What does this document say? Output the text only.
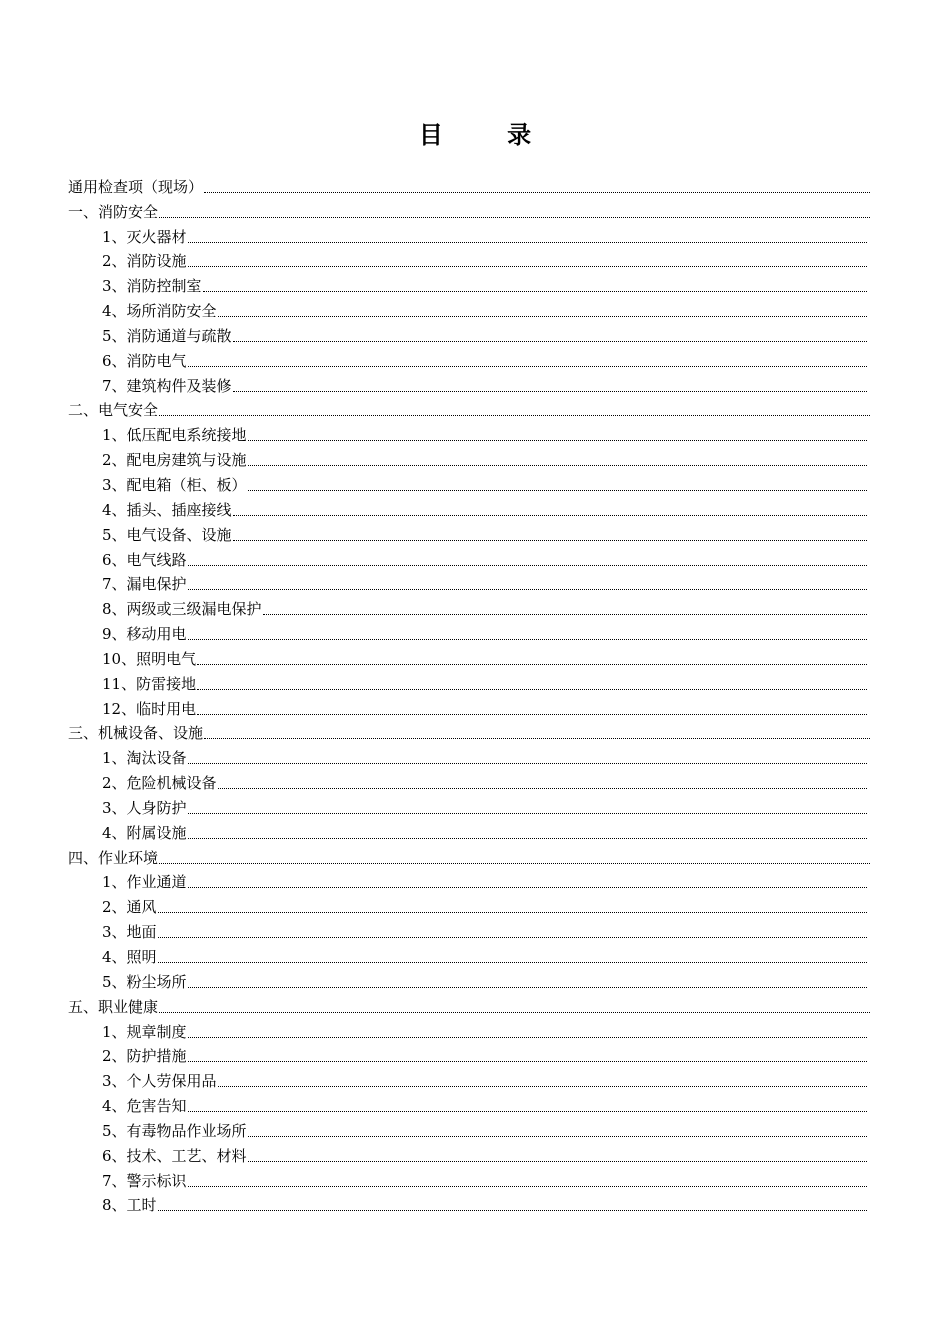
目 录
通用检查项（现场）
一、消防安全
1、灭火器材
2、消防设施
3、消防控制室
4、场所消防安全
5、消防通道与疏散
6、消防电气
7、建筑构件及装修
二、电气安全
1、低压配电系统接地
2、配电房建筑与设施
3、配电箱（柜、板）
4、插头、插座接线
5、电气设备、设施
6、电气线路
7、漏电保护
8、两级或三级漏电保护
9、移动用电
10、照明电气
11、防雷接地
12、临时用电
三、机械设备、设施
1、淘汰设备
2、危险机械设备
3、人身防护
4、附属设施
四、作业环境
1、作业通道
2、通风
3、地面
4、照明
5、粉尘场所
五、职业健康
1、规章制度
2、防护措施
3、个人劳保用品
4、危害告知
5、有毒物品作业场所
6、技术、工艺、材料
7、警示标识
8、工时
